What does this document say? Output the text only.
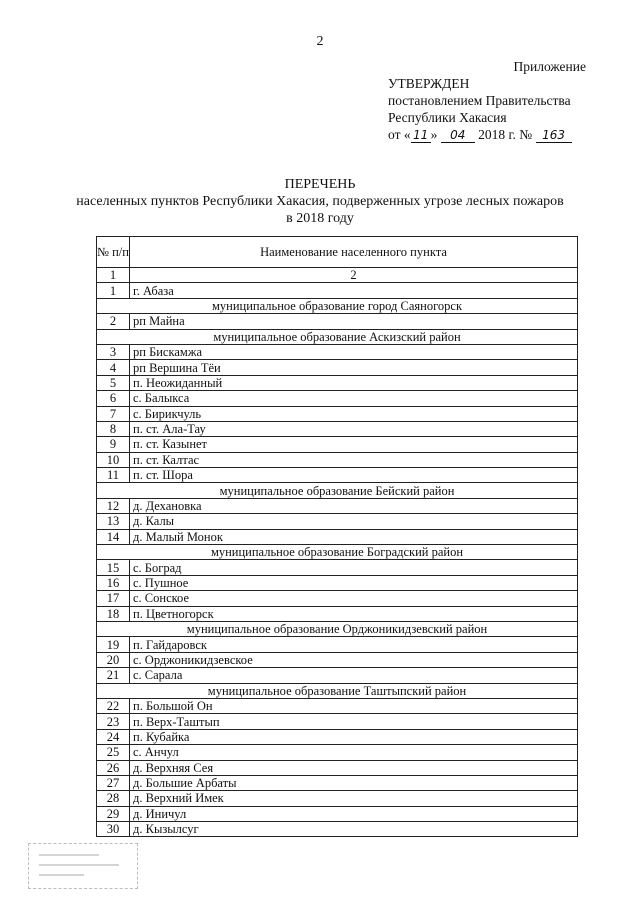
2
Приложение
УТВЕРЖДЕН
постановлением Правительства
Республики Хакасия
от « 11 » 04 2018 г. № 163
ПЕРЕЧЕНЬ
населенных пунктов Республики Хакасия, подверженных угрозе лесных пожаров
в 2018 году
№ п/п	Наименование населенного пункта
1	2
1	г. Абаза
муниципальное образование город Саяногорск	
2	рп Майна
муниципальное образование Аскизский район	
3	рп Бискамжа
4	рп Вершина Тёи
5	п. Неожиданный
6	с. Балыкса
7	с. Бирикчуль
8	п. ст. Ала-Тау
9	п. ст. Казынет
10	п. ст. Калтас
11	п. ст. Шора
муниципальное образование Бейский район	
12	д. Дехановка
13	д. Калы
14	д. Малый Монок
муниципальное образование Боградский район	
15	с. Боград
16	с. Пушное
17	с. Сонское
18	п. Цветногорск
муниципальное образование Орджоникидзевский район	
19	п. Гайдаровск
20	с. Орджоникидзевское
21	с. Сарала
муниципальное образование Таштыпский район	
22	п. Большой Он
23	п. Верх-Таштып
24	п. Кубайка
25	с. Анчул
26	д. Верхняя Сея
27	д. Большие Арбаты
28	д. Верхний Имек
29	д. Иничул
30	д. Кызылсуг
